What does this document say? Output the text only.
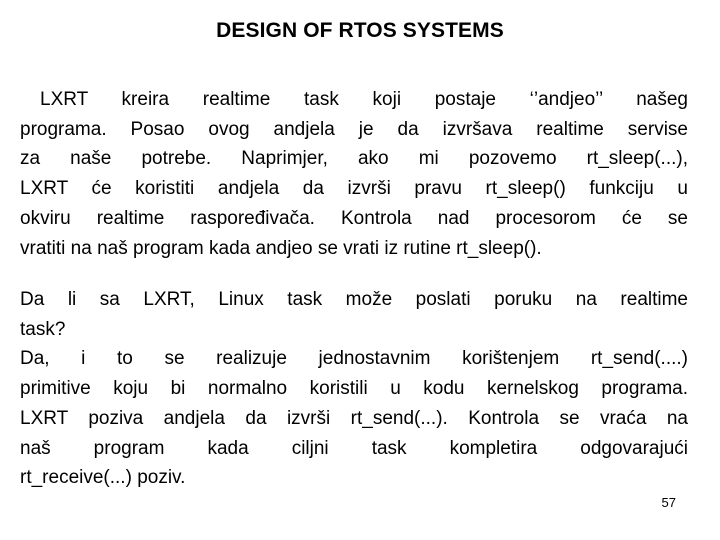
DESIGN OF RTOS SYSTEMS
LXRT kreira realtime task koji postaje ‘’andjeo’’ našeg
programa. Posao ovog andjela je da izvršava realtime servise
za naše potrebe. Naprimjer, ako mi pozovemo rt_sleep(...),
LXRT će koristiti andjela da izvrši pravu rt_sleep() funkciju u
okviru realtime raspoređivača. Kontrola nad procesorom će se
vratiti na naš program kada andjeo se vrati iz rutine rt_sleep().
Da li sa LXRT, Linux task može poslati poruku na realtime
task?
Da, i to se realizuje jednostavnim korištenjem rt_send(....)
primitive koju bi normalno koristili u kodu kernelskog programa.
LXRT poziva andjela da izvrši rt_send(...). Kontrola se vraća na
naš program kada ciljni task kompletira odgovarajući
rt_receive(...) poziv.
57
